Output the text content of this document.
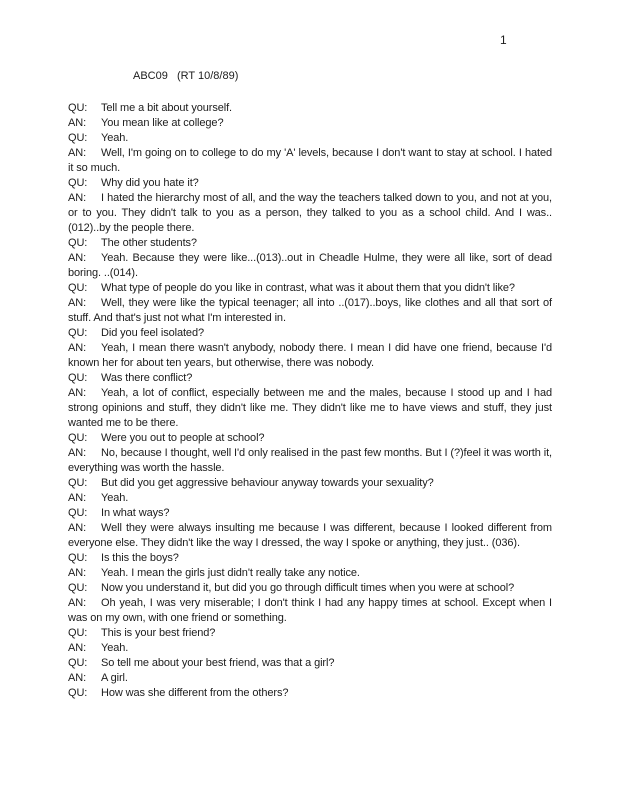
1
ABC09   (RT 10/8/89)

QU: Tell me a bit about yourself.

AN: You mean like at college?

QU: Yeah.

AN: Well, I'm going on to college to do my 'A' levels, because I don't want to stay at school. I hated it so much.

QU: Why did you hate it?

AN: I hated the hierarchy most of all, and the way the teachers talked down to you, and not at you, or to you. They didn't talk to you as a person, they talked to you as a school child. And I was..(012)..by the people there.

QU: The other students?

AN: Yeah. Because they were like...(013)..out in Cheadle Hulme, they were all like, sort of dead boring. ..(014).

QU: What type of people do you like in contrast, what was it about them that you didn't like?

AN: Well, they were like the typical teenager; all into ..(017)..boys, like clothes and all that sort of stuff. And that's just not what I'm interested in.

QU: Did you feel isolated?

AN: Yeah, I mean there wasn't anybody, nobody there. I mean I did have one friend, because I'd known her for about ten years, but otherwise, there was nobody.

QU: Was there conflict?

AN: Yeah, a lot of conflict, especially between me and the males, because I stood up and I had strong opinions and stuff, they didn't like me. They didn't like me to have views and stuff, they just wanted me to be there.

QU: Were you out to people at school?

AN: No, because I thought, well I'd only realised in the past few months. But I (?)feel it was worth it, everything was worth the hassle.

QU: But did you get aggressive behaviour anyway towards your sexuality?

AN: Yeah.

QU: In what ways?

AN: Well they were always insulting me because I was different, because I looked different from everyone else. They didn't like the way I dressed, the way I spoke or anything, they just.. (036).

QU: Is this the boys?

AN: Yeah. I mean the girls just didn't really take any notice.

QU: Now you understand it, but did you go through difficult times when you were at school?

AN: Oh yeah, I was very miserable; I don't think I had any happy times at school. Except when I was on my own, with one friend or something.

QU: This is your best friend?

AN: Yeah.

QU: So tell me about your best friend, was that a girl?

AN: A girl.

QU: How was she different from the others?
